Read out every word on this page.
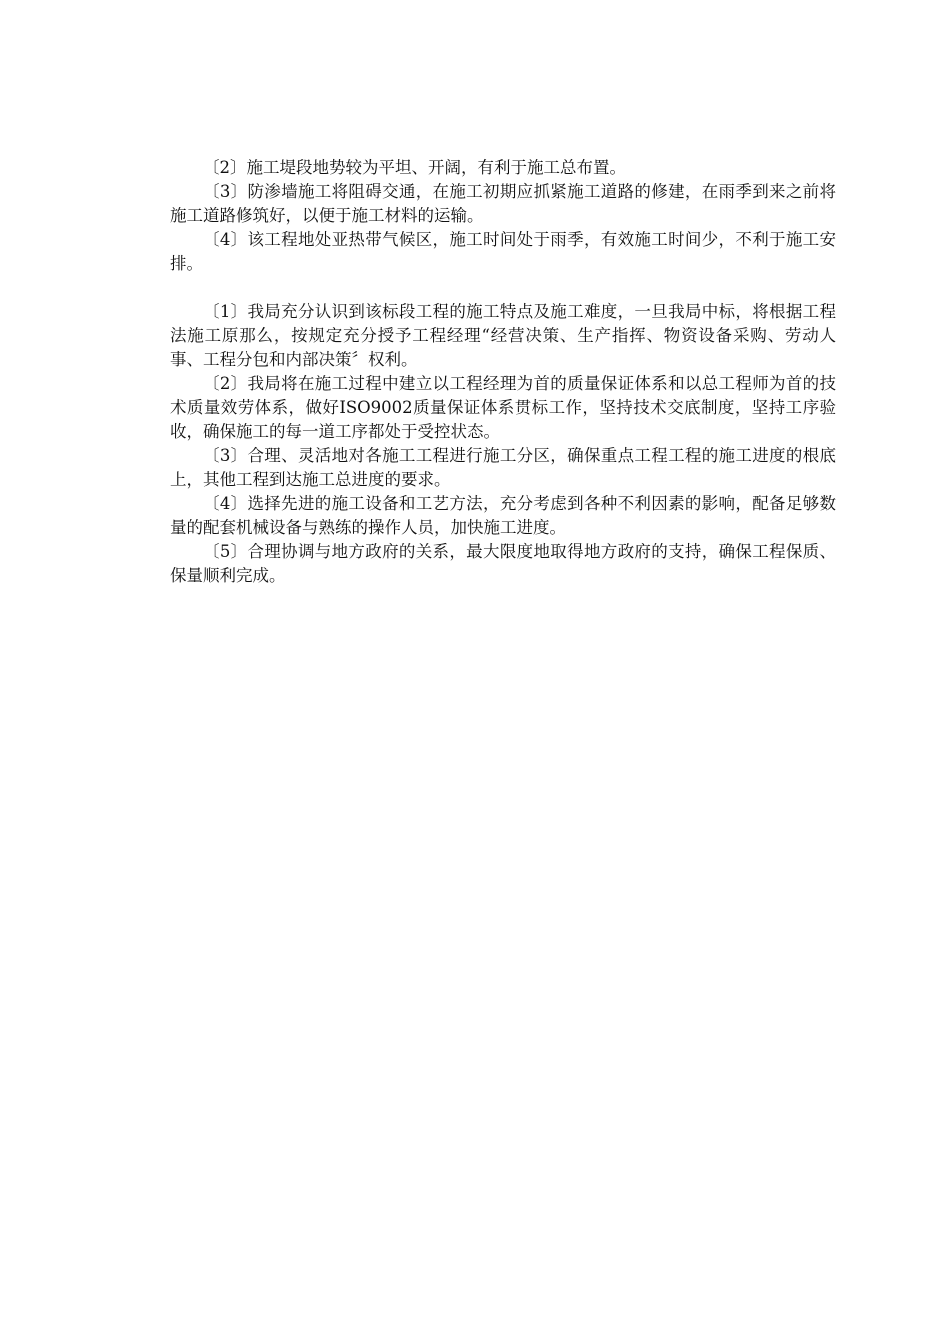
〔2〕施工堤段地势较为平坦、开阔，有利于施工总布置。

〔3〕防渗墙施工将阻碍交通，在施工初期应抓紧施工道路的修建，在雨季到来之前将施工道路修筑好，以便于施工材料的运输。

〔4〕该工程地处亚热带气候区，施工时间处于雨季，有效施工时间少，不利于施工安排。

〔1〕我局充分认识到该标段工程的施工特点及施工难度，一旦我局中标，将根据工程法施工原那么，按规定充分授予工程经理“经营决策、生产指挥、物资设备采购、劳动人事、工程分包和内部决策〞权利。

〔2〕我局将在施工过程中建立以工程经理为首的质量保证体系和以总工程师为首的技术质量效劳体系，做好ISO9002质量保证体系贯标工作，坚持技术交底制度，坚持工序验收，确保施工的每一道工序都处于受控状态。

〔3〕合理、灵活地对各施工工程进行施工分区，确保重点工程工程的施工进度的根底上，其他工程到达施工总进度的要求。

〔4〕选择先进的施工设备和工艺方法，充分考虑到各种不利因素的影响，配备足够数量的配套机械设备与熟练的操作人员，加快施工进度。

〔5〕合理协调与地方政府的关系，最大限度地取得地方政府的支持，确保工程保质、保量顺利完成。
